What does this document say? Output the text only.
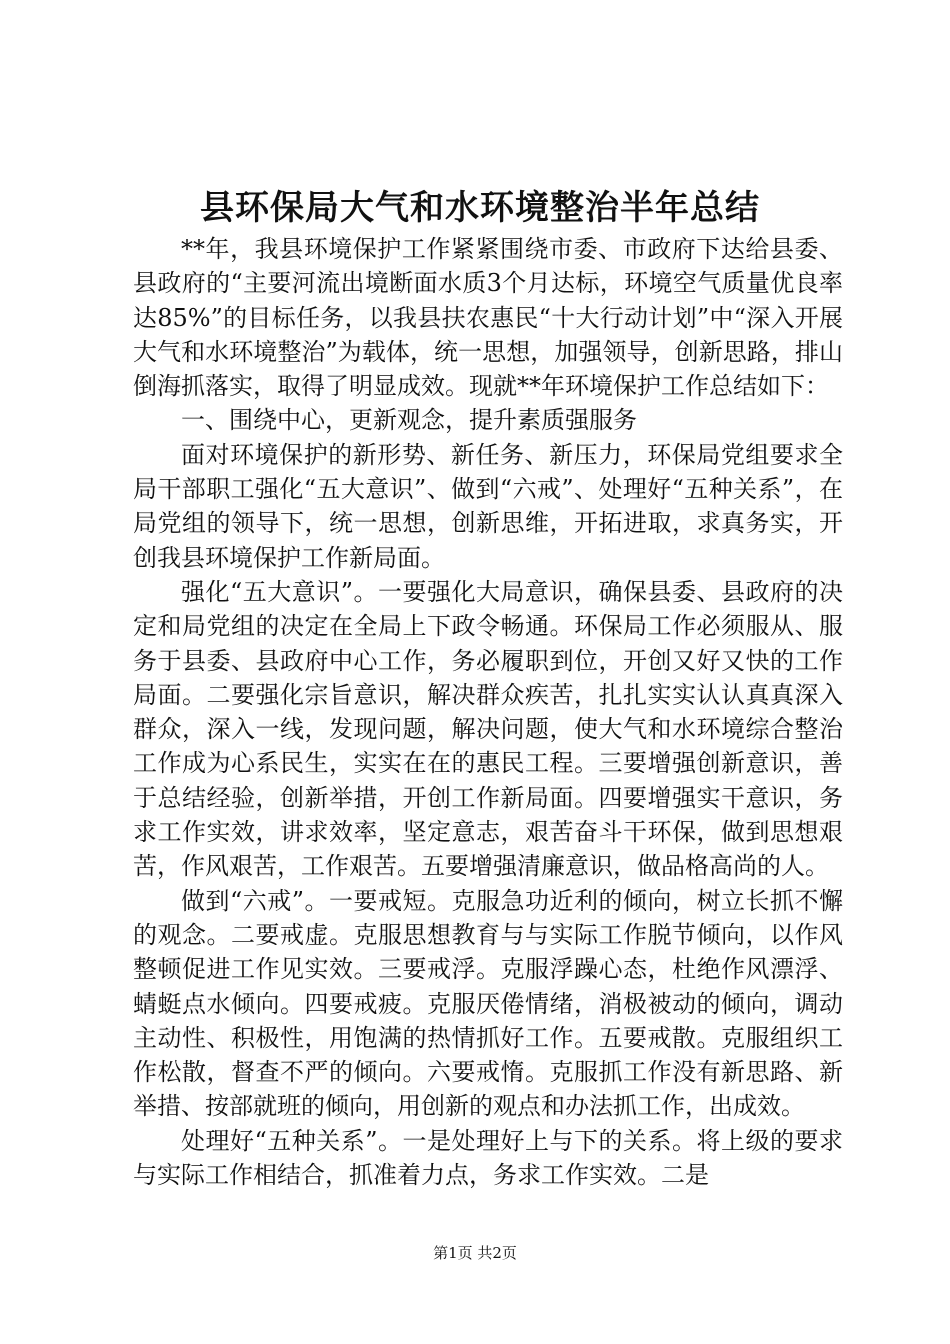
县环保局大气和水环境整治半年总结

**年，我县环境保护工作紧紧围绕市委、市政府下达给县委、县政府的“主要河流出境断面水质3个月达标，环境空气质量优良率达85%”的目标任务，以我县扶农惠民“十大行动计划”中“深入开展大气和水环境整治”为载体，统一思想，加强领导，创新思路，排山倒海抓落实，取得了明显成效。现就**年环境保护工作总结如下：

一、围绕中心，更新观念，提升素质强服务

面对环境保护的新形势、新任务、新压力，环保局党组要求全局干部职工强化“五大意识”、做到“六戒”、处理好“五种关系”，在局党组的领导下，统一思想，创新思维，开拓进取，求真务实，开创我县环境保护工作新局面。

强化“五大意识”。一要强化大局意识，确保县委、县政府的决定和局党组的决定在全局上下政令畅通。环保局工作必须服从、服务于县委、县政府中心工作，务必履职到位，开创又好又快的工作局面。二要强化宗旨意识，解决群众疾苦，扎扎实实认认真真深入群众，深入一线，发现问题，解决问题，使大气和水环境综合整治工作成为心系民生，实实在在的惠民工程。三要增强创新意识，善于总结经验，创新举措，开创工作新局面。四要增强实干意识，务求工作实效，讲求效率，坚定意志，艰苦奋斗干环保，做到思想艰苦，作风艰苦，工作艰苦。五要增强清廉意识，做品格高尚的人。

做到“六戒”。一要戒短。克服急功近利的倾向，树立长抓不懈的观念。二要戒虚。克服思想教育与与实际工作脱节倾向，以作风整顿促进工作见实效。三要戒浮。克服浮躁心态，杜绝作风漂浮、蜻蜓点水倾向。四要戒疲。克服厌倦情绪，消极被动的倾向，调动主动性、积极性，用饱满的热情抓好工作。五要戒散。克服组织工作松散，督查不严的倾向。六要戒惰。克服抓工作没有新思路、新举措、按部就班的倾向，用创新的观点和办法抓工作，出成效。

处理好“五种关系”。一是处理好上与下的关系。将上级的要求与实际工作相结合，抓准着力点，务求工作实效。二是

第1页 共2页
